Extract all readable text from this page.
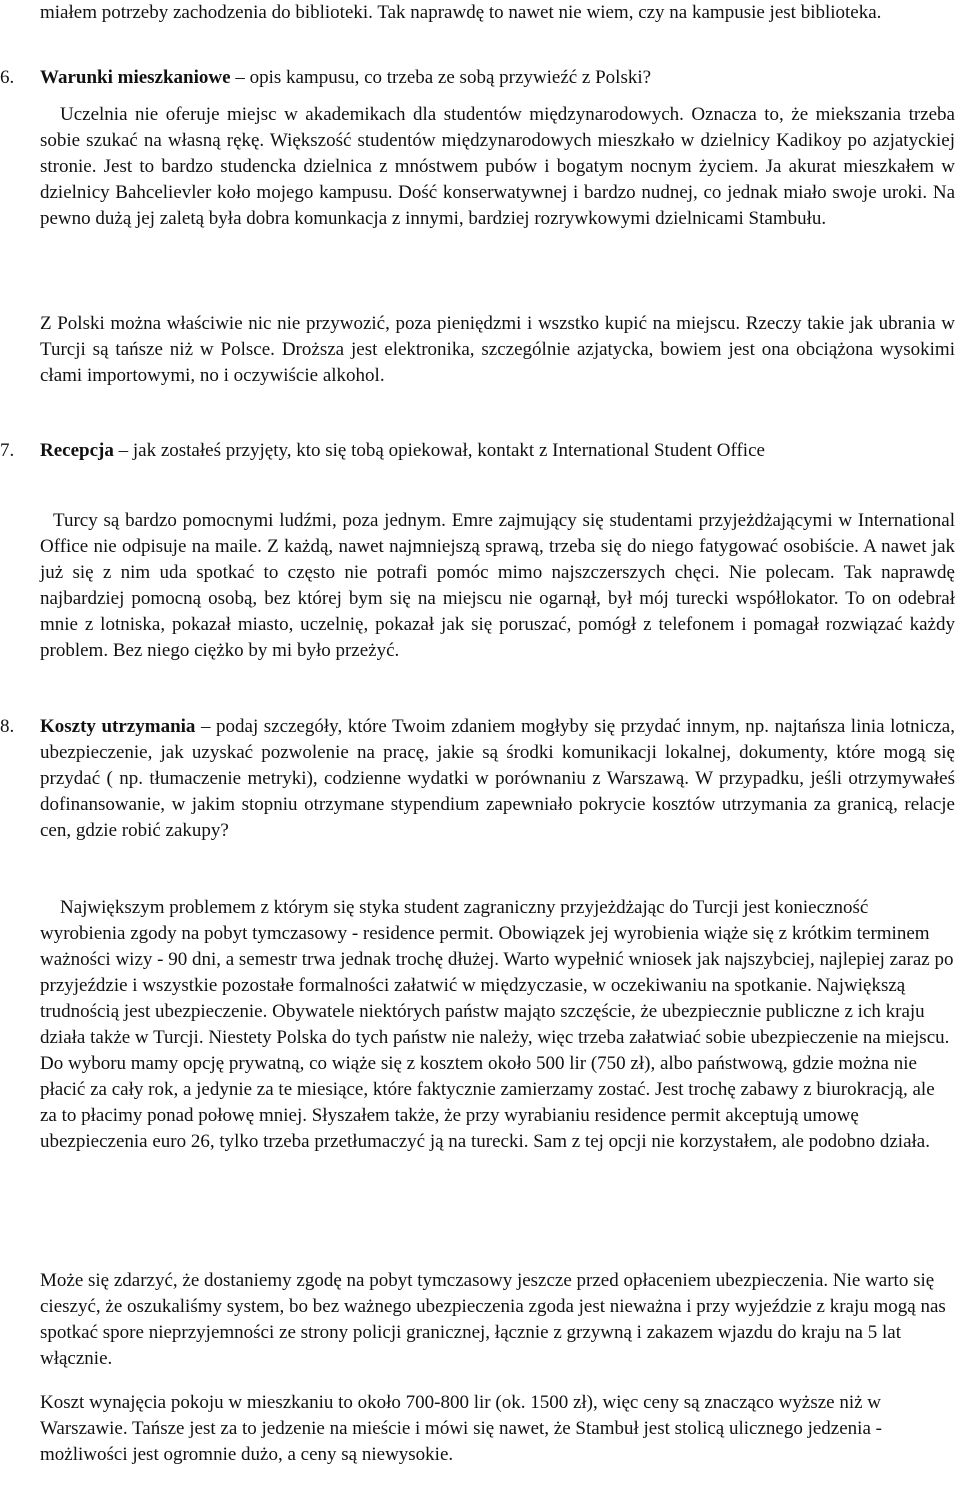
miałem potrzeby zachodzenia do biblioteki. Tak naprawdę to nawet nie wiem, czy na kampusie jest biblioteka.

6.	Warunki mieszkaniowe – opis kampusu, co trzeba ze sobą przywieźć z Polski?

Uczelnia nie oferuje miejsc w akademikach dla studentów międzynarodowych. Oznacza to, że miekszania trzeba sobie szukać na własną rękę. Większość studentów międzynarodowych mieszkało w dzielnicy Kadikoy po azjatyckiej stronie. Jest to bardzo studencka dzielnica z mnóstwem pubów i bogatym nocnym życiem. Ja akurat mieszkałem w dzielnicy Bahcelievler koło mojego kampusu. Dość konserwatywnej i bardzo nudnej, co jednak miało swoje uroki. Na pewno dużą jej zaletą była dobra komunkacja z innymi, bardziej rozrywkowymi dzielnicami Stambułu.

Z Polski można właściwie nic nie przywozić, poza pieniędzmi i wszstko kupić na miejscu. Rzeczy takie jak ubrania w Turcji są tańsze niż w Polsce. Droższa jest elektronika, szczególnie azjatycka, bowiem jest ona obciążona wysokimi cłami importowymi, no i oczywiście alkohol.

7.	Recepcja – jak zostałeś przyjęty, kto się tobą opiekował, kontakt z International Student Office

Turcy są bardzo pomocnymi ludźmi, poza jednym. Emre zajmujący się studentami przyjeżdżającymi w International Office nie odpisuje na maile. Z każdą, nawet najmniejszą sprawą, trzeba się do niego fatygować osobiście. A nawet jak już się z nim uda spotkać to często nie potrafi pomóc mimo najszczerszych chęci. Nie polecam. Tak naprawdę najbardziej pomocną osobą, bez której bym się na miejscu nie ogarnął, był mój turecki współlokator. To on odebrał mnie z lotniska, pokazał miasto, uczelnię, pokazał jak się poruszać, pomógł z telefonem i pomagał rozwiązać każdy problem. Bez niego ciężko by mi było przeżyć.

8.	Koszty utrzymania – podaj szczegóły, które Twoim zdaniem mogłyby się przydać innym, np. najtańsza linia lotnicza, ubezpieczenie, jak uzyskać pozwolenie na pracę, jakie są środki komunikacji lokalnej, dokumenty, które mogą się przydać ( np. tłumaczenie metryki), codzienne wydatki w porównaniu z Warszawą. W przypadku, jeśli otrzymywałeś dofinansowanie, w jakim stopniu otrzymane stypendium zapewniało pokrycie kosztów utrzymania za granicą, relacje cen, gdzie robić zakupy?

Największym problemem z którym się styka student zagraniczny przyjeżdżając do Turcji jest konieczność wyrobienia zgody na pobyt tymczasowy - residence permit. Obowiązek jej wyrobienia wiąże się z krótkim terminem ważności wizy - 90 dni, a semestr trwa jednak trochę dłużej. Warto wypełnić wniosek jak najszybciej, najlepiej zaraz po przyjeździe i wszystkie pozostałe formalności załatwić w międzyczasie, w oczekiwaniu na spotkanie. Największą trudnością jest ubezpieczenie. Obywatele niektórych państw mająto szczęście, że ubezpiecznie publiczne z ich kraju działa także w Turcji. Niestety Polska do tych państw nie należy, więc trzeba załatwiać sobie ubezpieczenie na miejscu. Do wyboru mamy opcję prywatną, co wiąże się z kosztem około 500 lir (750 zł), albo państwową, gdzie można nie płacić za cały rok, a jedynie za te miesiące, które faktycznie zamierzamy zostać. Jest trochę zabawy z biurokracją, ale za to płacimy ponad połowę mniej. Słyszałem także, że przy wyrabianiu residence permit akceptują umowę ubezpieczenia euro 26, tylko trzeba przetłumaczyć ją na turecki. Sam z tej opcji nie korzystałem, ale podobno działa.

Może się zdarzyć, że dostaniemy zgodę na pobyt tymczasowy jeszcze przed opłaceniem ubezpieczenia. Nie warto się cieszyć, że oszukaliśmy system, bo bez ważnego ubezpieczenia zgoda jest nieważna i przy wyjeździe z kraju mogą nas spotkać spore nieprzyjemności ze strony policji granicznej, łącznie z grzywną i zakazem wjazdu do kraju na 5 lat włącznie.

Koszt wynajęcia pokoju w mieszkaniu to około 700-800 lir (ok. 1500 zł), więc ceny są znacząco wyższe niż w Warszawie. Tańsze jest za to jedzenie na mieście i mówi się nawet, że Stambuł jest stolicą ulicznego jedzenia - możliwości jest ogromnie dużo, a ceny są niewysokie.
